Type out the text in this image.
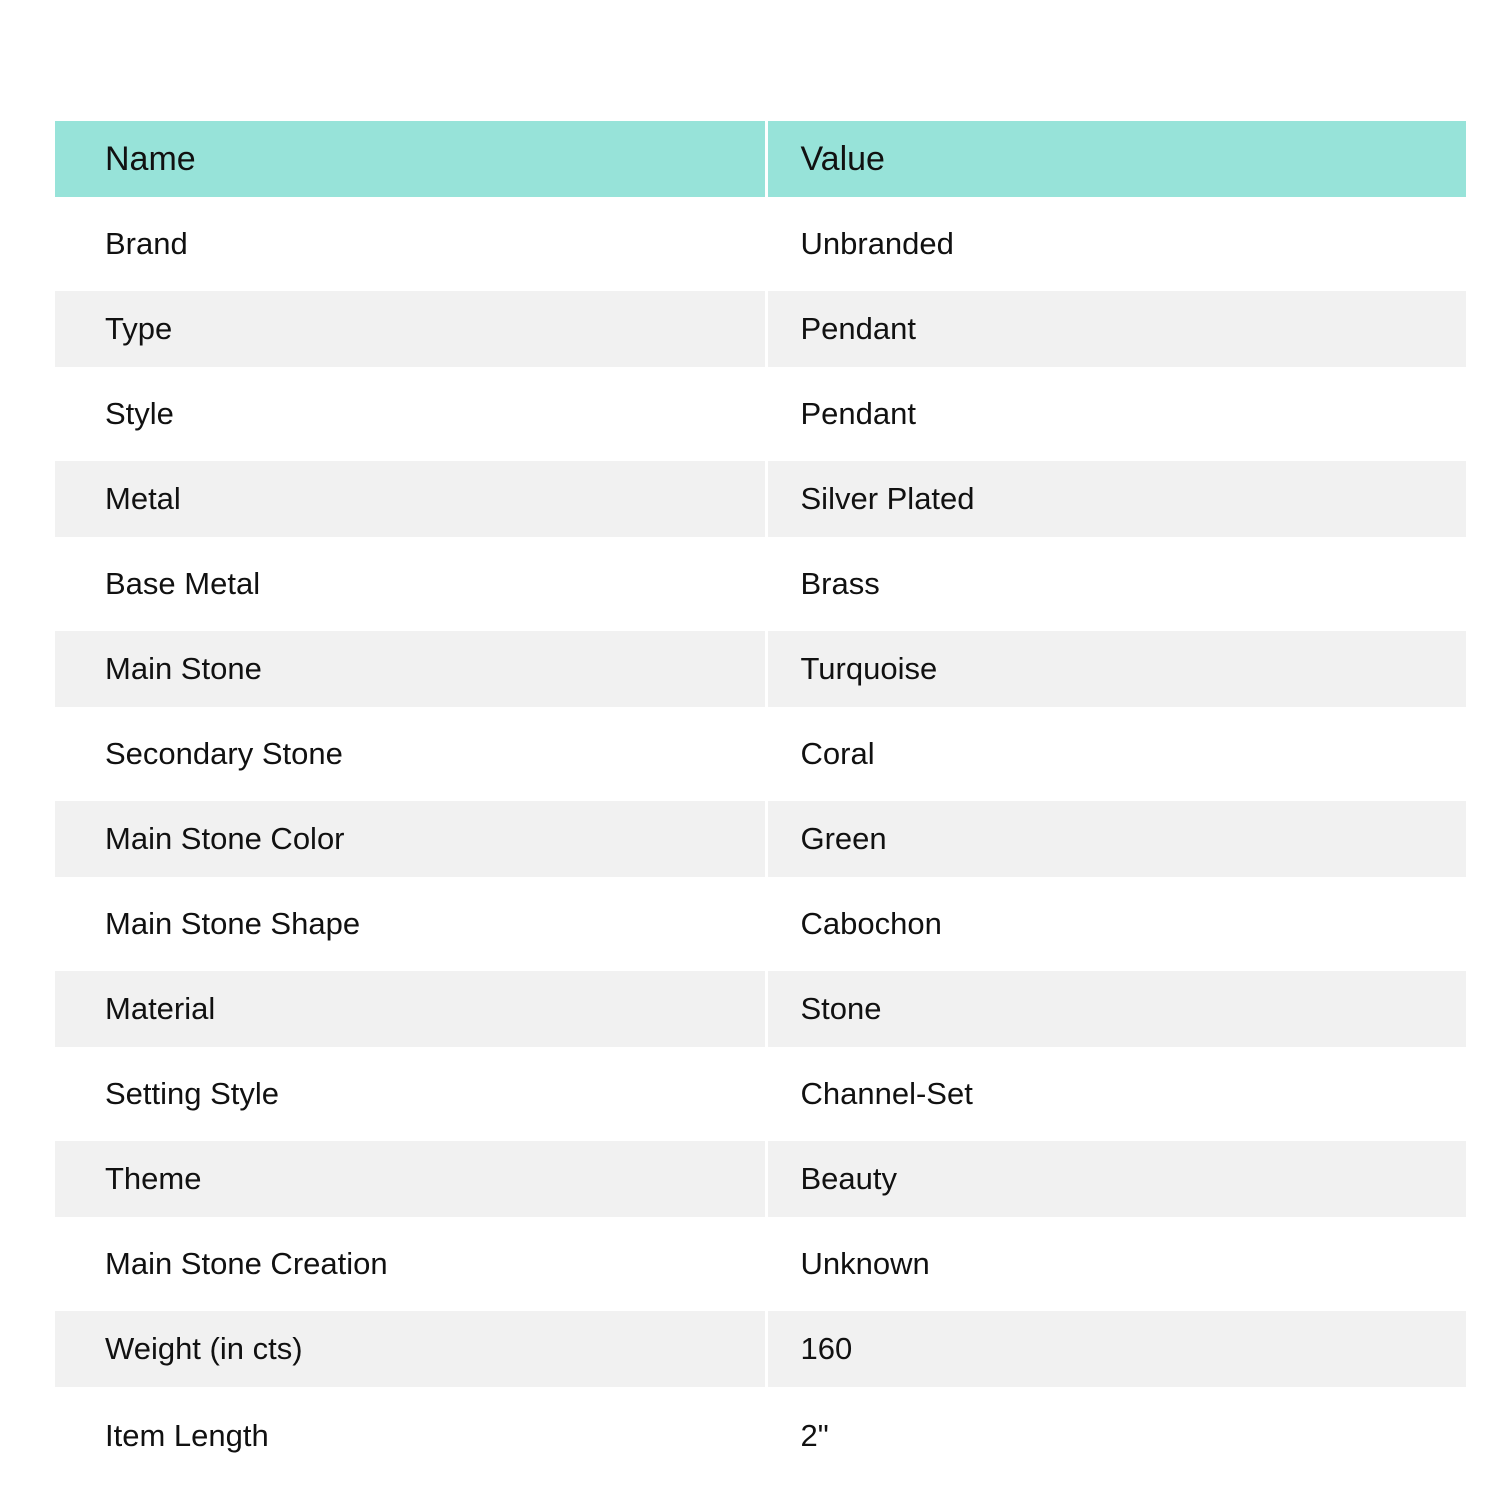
Name	Value
Brand	Unbranded
Type	Pendant
Style	Pendant
Metal	Silver Plated
Base Metal	Brass
Main Stone	Turquoise
Secondary Stone	Coral
Main Stone Color	Green
Main Stone Shape	Cabochon
Material	Stone
Setting Style	Channel-Set
Theme	Beauty
Main Stone Creation	Unknown
Weight (in cts)	160
Item Length	2"
